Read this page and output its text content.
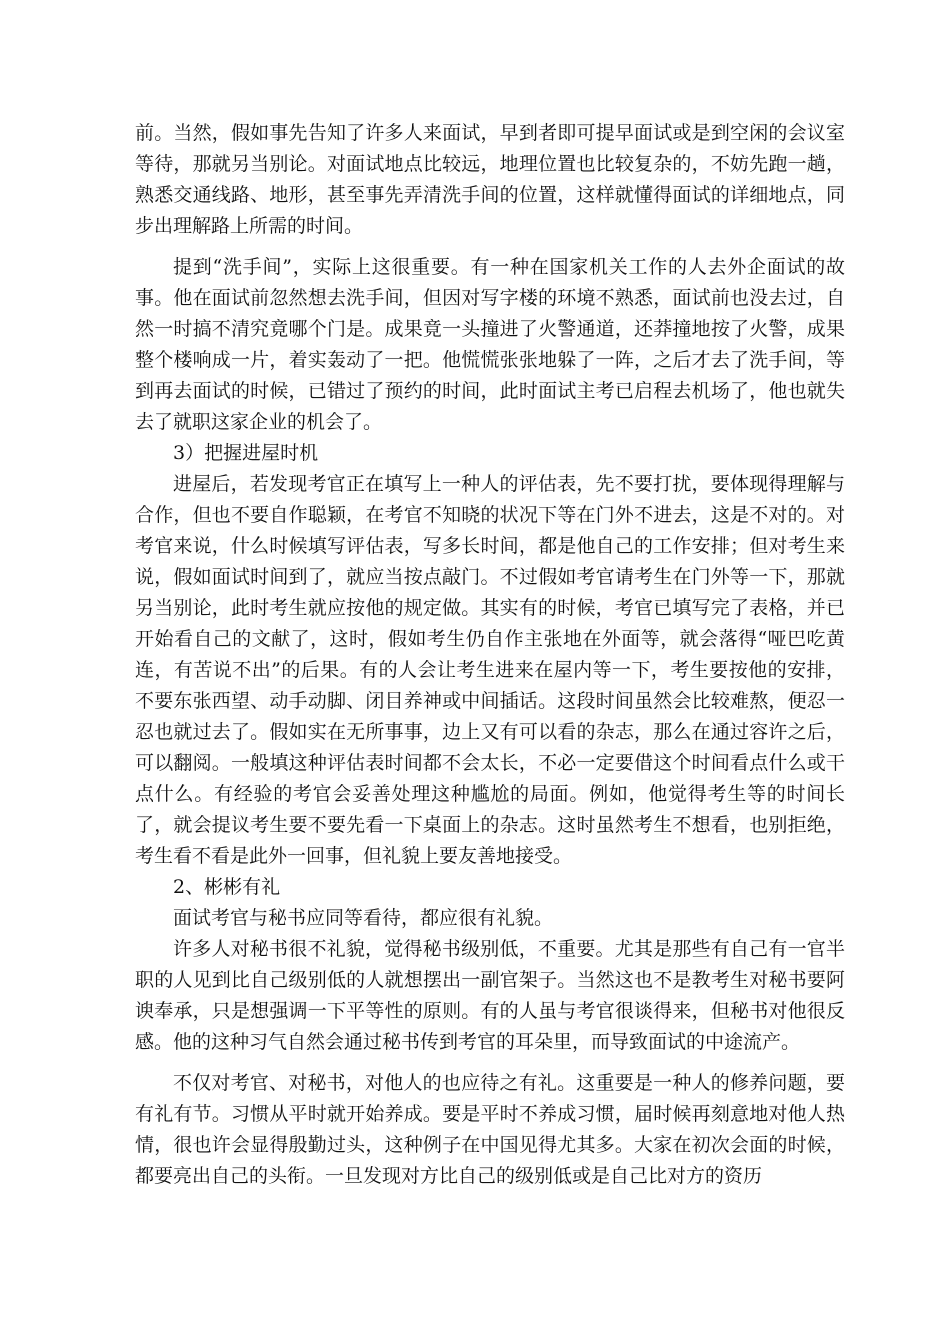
前。当然，假如事先告知了许多人来面试，早到者即可提早面试或是到空闲的会议室等待，那就另当别论。对面试地点比较远，地理位置也比较复杂的，不妨先跑一趟，熟悉交通线路、地形，甚至事先弄清洗手间的位置，这样就懂得面试的详细地点，同步出理解路上所需的时间。

提到“洗手间”，实际上这很重要。有一种在国家机关工作的人去外企面试的故事。他在面试前忽然想去洗手间，但因对写字楼的环境不熟悉，面试前也没去过，自然一时搞不清究竟哪个门是。成果竟一头撞进了火警通道，还莽撞地按了火警，成果整个楼响成一片，着实轰动了一把。他慌慌张张地躲了一阵，之后才去了洗手间，等到再去面试的时候，已错过了预约的时间，此时面试主考已启程去机场了，他也就失去了就职这家企业的机会了。

3）把握进屋时机

进屋后，若发现考官正在填写上一种人的评估表，先不要打扰，要体现得理解与合作，但也不要自作聪颖，在考官不知晓的状况下等在门外不进去，这是不对的。对考官来说，什么时候填写评估表，写多长时间，都是他自己的工作安排；但对考生来说，假如面试时间到了，就应当按点敲门。不过假如考官请考生在门外等一下，那就另当别论，此时考生就应按他的规定做。其实有的时候，考官已填写完了表格，并已开始看自己的文献了，这时，假如考生仍自作主张地在外面等，就会落得“哑巴吃黄连，有苦说不出”的后果。有的人会让考生进来在屋内等一下，考生要按他的安排，不要东张西望、动手动脚、闭目养神或中间插话。这段时间虽然会比较难熬，便忍一忍也就过去了。假如实在无所事事，边上又有可以看的杂志，那么在通过容许之后，可以翻阅。一般填这种评估表时间都不会太长，不必一定要借这个时间看点什么或干点什么。有经验的考官会妥善处理这种尴尬的局面。例如，他觉得考生等的时间长了，就会提议考生要不要先看一下桌面上的杂志。这时虽然考生不想看，也别拒绝，考生看不看是此外一回事，但礼貌上要友善地接受。

2、彬彬有礼

面试考官与秘书应同等看待，都应很有礼貌。

许多人对秘书很不礼貌，觉得秘书级别低，不重要。尤其是那些有自己有一官半职的人见到比自己级别低的人就想摆出一副官架子。当然这也不是教考生对秘书要阿谀奉承，只是想强调一下平等性的原则。有的人虽与考官很谈得来，但秘书对他很反感。他的这种习气自然会通过秘书传到考官的耳朵里，而导致面试的中途流产。

不仅对考官、对秘书，对他人的也应待之有礼。这重要是一种人的修养问题，要有礼有节。习惯从平时就开始养成。要是平时不养成习惯，届时候再刻意地对他人热情，很也许会显得殷勤过头，这种例子在中国见得尤其多。大家在初次会面的时候，都要亮出自己的头衔。一旦发现对方比自己的级别低或是自己比对方的资历
